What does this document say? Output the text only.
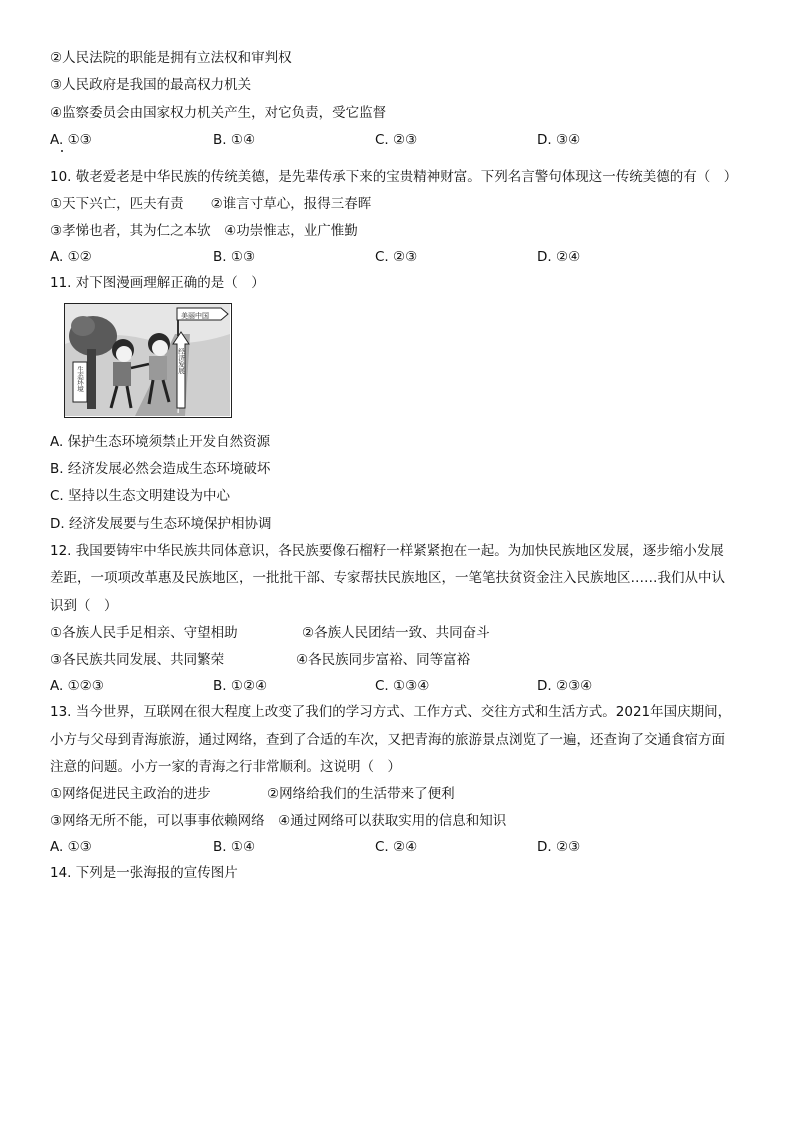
②人民法院的职能是拥有立法权和审判权
③人民政府是我国的最高权力机关
④监察委员会由国家权力机关产生，对它负责，受它监督
A. ①③	B. ①④	C. ②③	D. ③④
10. 敬老爱老是中华民族的传统美德，是先辈传承下来的宝贵精神财富。下列名言警句体现这一传统美德的有（　）
①天下兴亡，匹夫有责　　②谁言寸草心，报得三春晖
③孝悌也者，其为仁之本欤　④功崇惟志，业广惟勤
A. ①②	B. ①③	C. ②③	D. ②④
11. 对下图漫画理解正确的是（　）
美丽中国
生态环境
经济发展
A. 保护生态环境须禁止开发自然资源
B. 经济发展必然会造成生态环境破坏
C. 坚持以生态文明建设为中心
D. 经济发展要与生态环境保护相协调
12. 我国要铸牢中华民族共同体意识，各民族要像石榴籽一样紧紧抱在一起。为加快民族地区发展，逐步缩小发展
差距，一项项改革惠及民族地区，一批批干部、专家帮扶民族地区，一笔笔扶贫资金注入民族地区……我们从中认
识到（　）
①各族人民手足相亲、守望相助	②各族人民团结一致、共同奋斗
③各民族共同发展、共同繁荣	④各民族同步富裕、同等富裕
A. ①②③	B. ①②④	C. ①③④	D. ②③④
13. 当今世界，互联网在很大程度上改变了我们的学习方式、工作方式、交往方式和生活方式。2021年国庆期间，
小方与父母到青海旅游，通过网络，查到了合适的车次，又把青海的旅游景点浏览了一遍，还查询了交通食宿方面
注意的问题。小方一家的青海之行非常顺利。这说明（　）
①网络促进民主政治的进步	②网络给我们的生活带来了便利
③网络无所不能，可以事事依赖网络　④通过网络可以获取实用的信息和知识
A. ①③	B. ①④	C. ②④	D. ②③
14. 下列是一张海报的宣传图片
